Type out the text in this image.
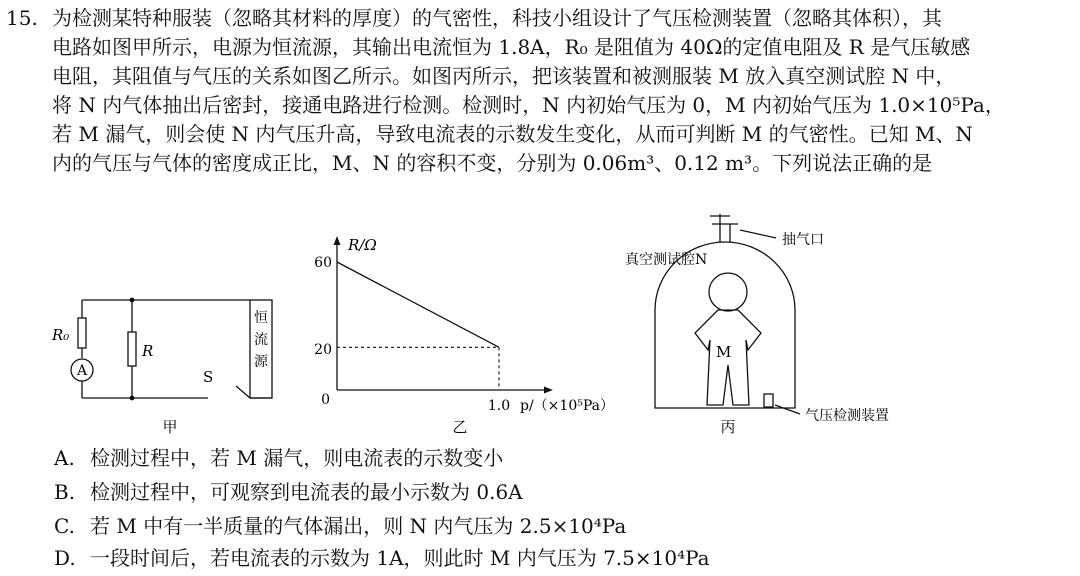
15. 为检测某特种服装（忽略其材料的厚度）的气密性，科技小组设计了气压检测装置（忽略其体积），其
电路如图甲所示，电源为恒流源，其输出电流恒为 1.8A，R₀ 是阻值为 40Ω的定值电阻及 R 是气压敏感
电阻，其阻值与气压的关系如图乙所示。如图丙所示，把该装置和被测服装 M 放入真空测试腔 N 中，
将 N 内气体抽出后密封，接通电路进行检测。检测时，N 内初始气压为 0，M 内初始气压为 1.0×10⁵Pa，
若 M 漏气，则会使 N 内气压升高，导致电流表的示数发生变化，从而可判断 M 的气密性。已知 M、N
内的气压与气体的密度成正比，M、N 的容积不变，分别为 0.06m³、0.12 m³。下列说法正确的是
R₀
A
R
S
恒
流
源
甲
R/Ω
60
20
0	1.0 p/（×10⁵Pa）
乙
真空测试腔N
抽气口
M
气压检测装置
丙
A. 检测过程中，若 M 漏气，则电流表的示数变小
B. 检测过程中，可观察到电流表的最小示数为 0.6A
C. 若 M 中有一半质量的气体漏出，则 N 内气压为 2.5×10⁴Pa
D. 一段时间后，若电流表的示数为 1A，则此时 M 内气压为 7.5×10⁴Pa
